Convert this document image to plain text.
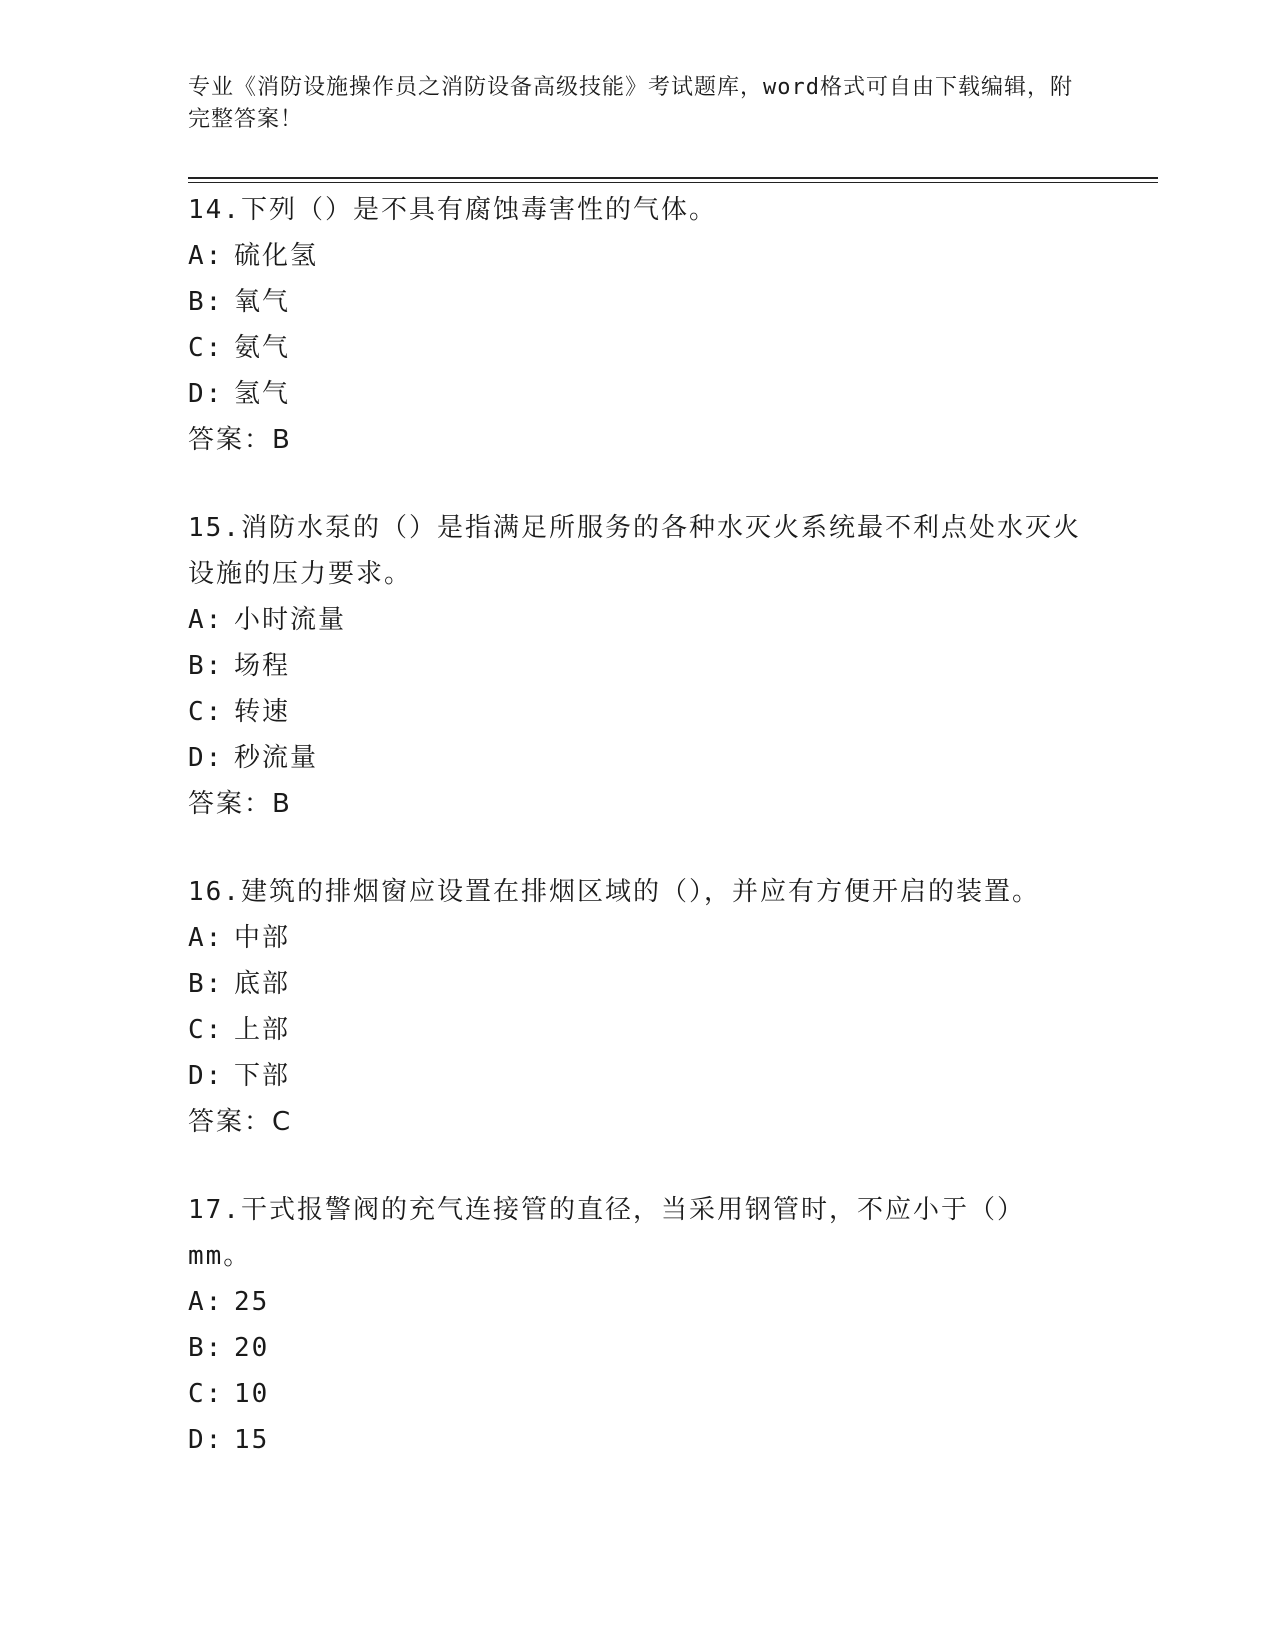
专业《消防设施操作员之消防设备高级技能》考试题库，word格式可自由下载编辑，附完整答案！

14.下列（）是不具有腐蚀毒害性的气体。

A: 硫化氢

B: 氧气

C: 氨气

D: 氢气

答案：B

15.消防水泵的（）是指满足所服务的各种水灭火系统最不利点处水灭火设施的压力要求。

A: 小时流量

B: 场程

C: 转速

D: 秒流量

答案：B

16.建筑的排烟窗应设置在排烟区域的（），并应有方便开启的装置。

A: 中部

B: 底部

C: 上部

D: 下部

答案：C

17.干式报警阀的充气连接管的直径，当采用钢管时，不应小于（）mm。

A: 25

B: 20

C: 10

D: 15
